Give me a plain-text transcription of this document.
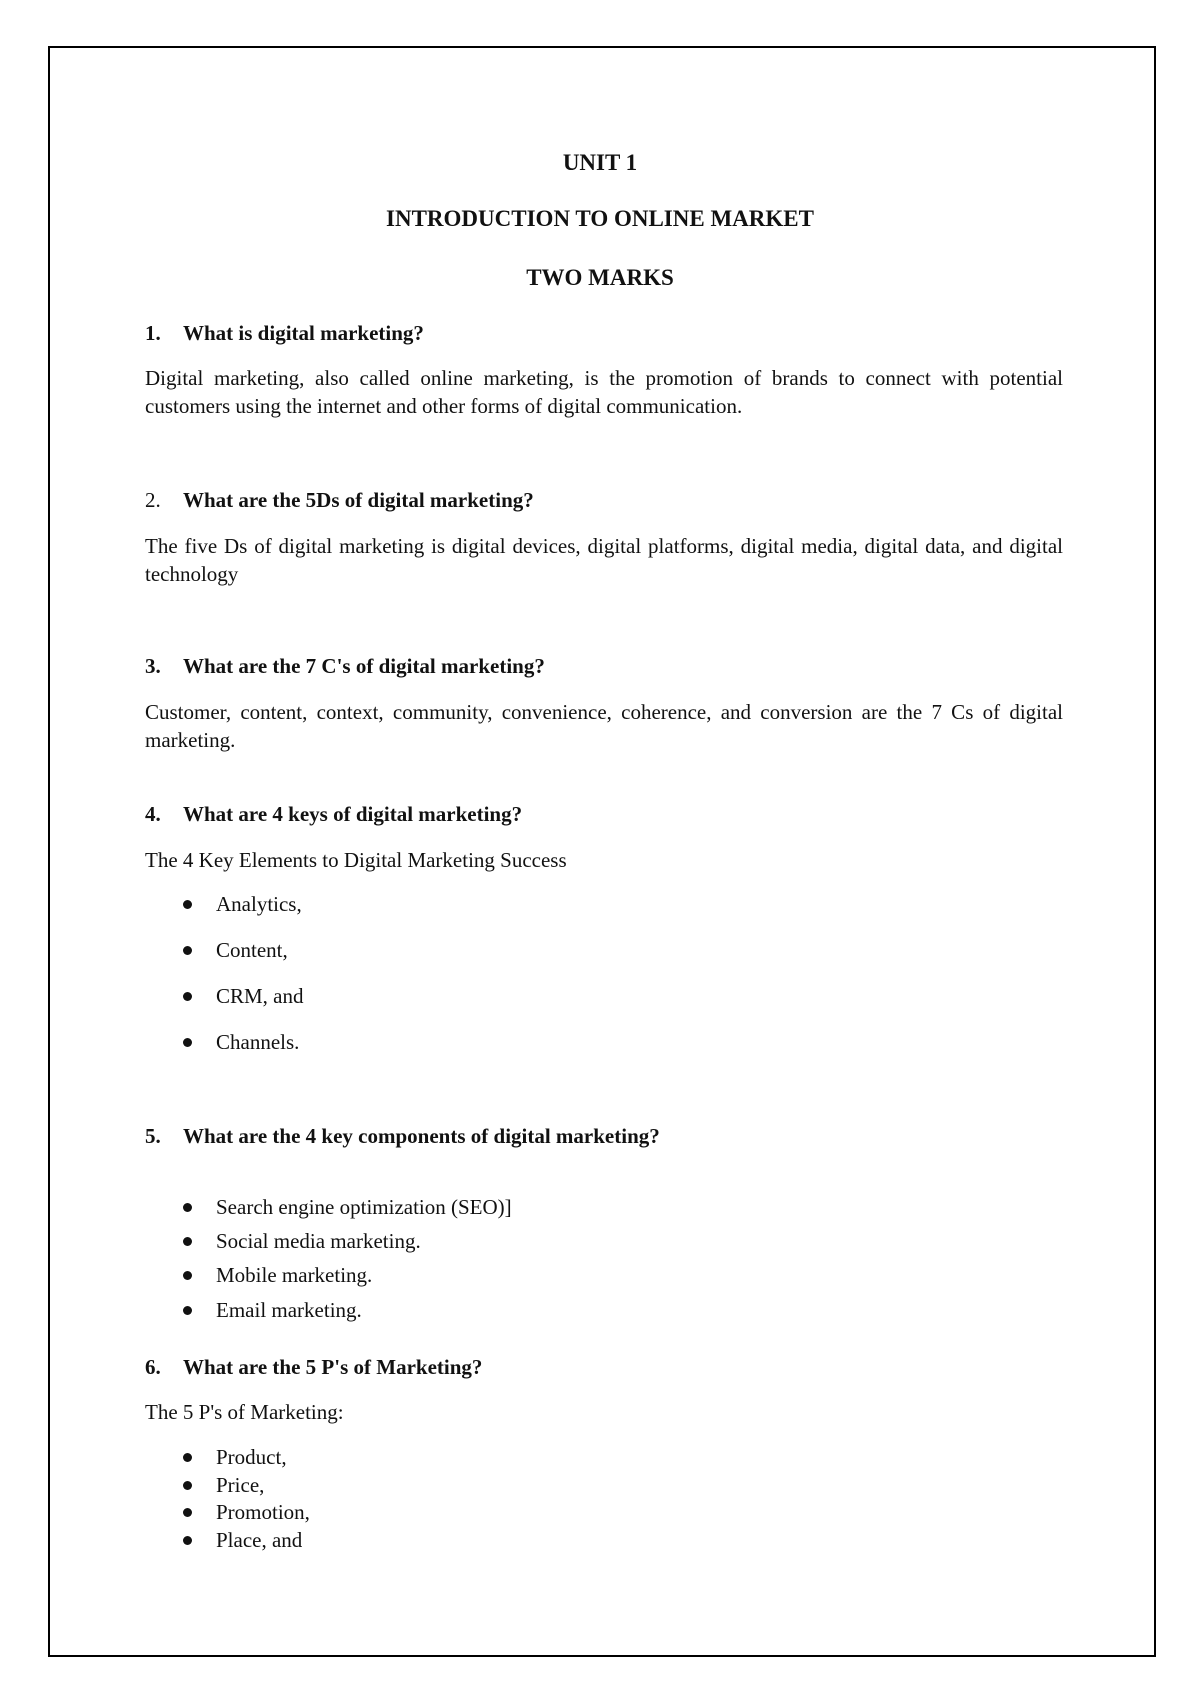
UNIT 1
INTRODUCTION TO ONLINE MARKET
TWO MARKS
1. What is digital marketing?
Digital marketing, also called online marketing, is the promotion of brands to connect with potential customers using the internet and other forms of digital communication.
2. What are the 5Ds of digital marketing?
The five Ds of digital marketing is digital devices, digital platforms, digital media, digital data, and digital technology
3. What are the 7 C's of digital marketing?
Customer, content, context, community, convenience, coherence, and conversion are the 7 Cs of digital marketing.
4. What are 4 keys of digital marketing?
The 4 Key Elements to Digital Marketing Success
Analytics,
Content,
CRM, and
Channels.
5. What are the 4 key components of digital marketing?
Search engine optimization (SEO)]
Social media marketing.
Mobile marketing.
Email marketing.
6. What are the 5 P's of Marketing?
The 5 P's of Marketing:
Product,
Price,
Promotion,
Place, and
